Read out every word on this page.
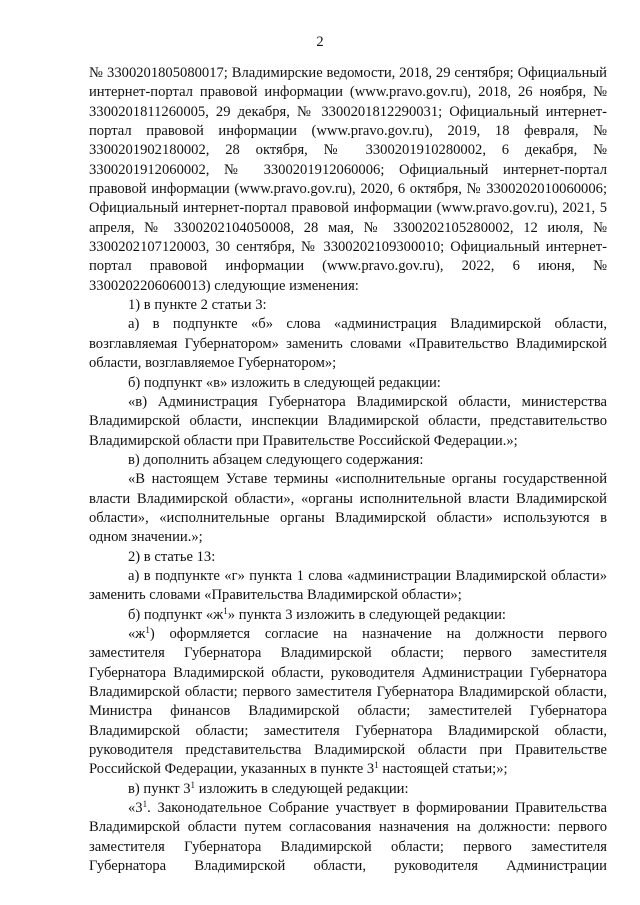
2

№ 3300201805080017; Владимирские ведомости, 2018, 29 сентября; Официальный интернет-портал правовой информации (www.pravo.gov.ru), 2018, 26 ноября, № 3300201811260005, 29 декабря, № 3300201812290031; Официальный интернет-портал правовой информации (www.pravo.gov.ru), 2019, 18 февраля, № 3300201902180002, 28 октября, № 3300201910280002, 6 декабря, № 3300201912060002, № 3300201912060006; Официальный интернет-портал правовой информации (www.pravo.gov.ru), 2020, 6 октября, № 3300202010060006; Официальный интернет-портал правовой информации (www.pravo.gov.ru), 2021, 5 апреля, № 3300202104050008, 28 мая, № 3300202105280002, 12 июля, № 3300202107120003, 30 сентября, № 3300202109300010; Официальный интернет-портал правовой информации (www.pravo.gov.ru), 2022, 6 июня, № 3300202206060013) следующие изменения:

1) в пункте 2 статьи 3:

а) в подпункте «б» слова «администрация Владимирской области, возглавляемая Губернатором» заменить словами «Правительство Владимирской области, возглавляемое Губернатором»;

б) подпункт «в» изложить в следующей редакции:

«в) Администрация Губернатора Владимирской области, министерства Владимирской области, инспекции Владимирской области, представительство Владимирской области при Правительстве Российской Федерации.»;

в) дополнить абзацем следующего содержания:

«В настоящем Уставе термины «исполнительные органы государственной власти Владимирской области», «органы исполнительной власти Владимирской области», «исполнительные органы Владимирской области» используются в одном значении.»;

2) в статье 13:

а) в подпункте «г» пункта 1 слова «администрации Владимирской области» заменить словами «Правительства Владимирской области»;

б) подпункт «$ж^1$» пункта 3 изложить в следующей редакции:

«$ж^1$) оформляется согласие на назначение на должности первого заместителя Губернатора Владимирской области; первого заместителя Губернатора Владимирской области, руководителя Администрации Губернатора Владимирской области; первого заместителя Губернатора Владимирской области, Министра финансов Владимирской области; заместителей Губернатора Владимирской области; заместителя Губернатора Владимирской области, руководителя представительства Владимирской области при Правительстве Российской Федерации, указанных в пункте $3^1$ настоящей статьи;»;

в) пункт $3^1$ изложить в следующей редакции:

«$3^1$. Законодательное Собрание участвует в формировании Правительства Владимирской области путем согласования назначения на должности: первого заместителя Губернатора Владимирской области; первого заместителя Губернатора Владимирской области, руководителя Администрации
